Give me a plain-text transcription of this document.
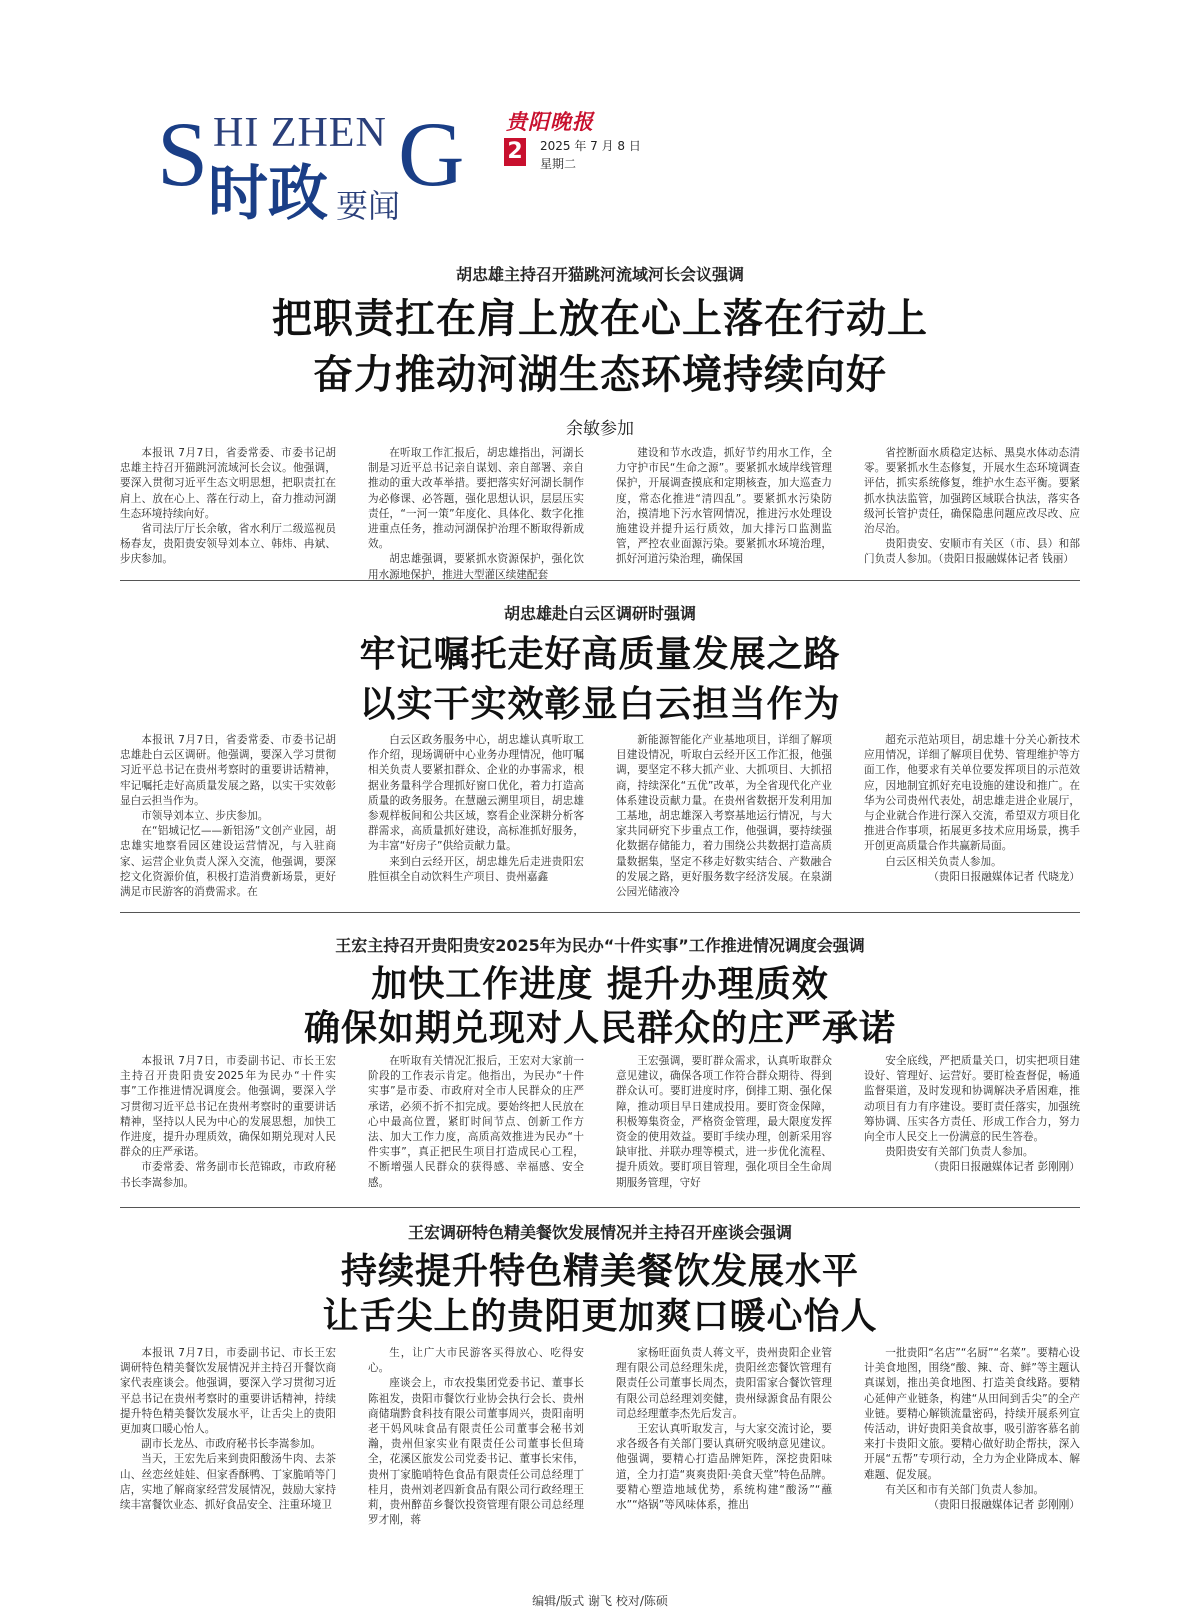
S HI ZHEN G
时政 要闻
贵阳晚报
2 2025 年 7 月 8 日
星期二
胡忠雄主持召开猫跳河流域河长会议强调
把职责扛在肩上放在心上落在行动上
奋力推动河湖生态环境持续向好
余敏参加

本报讯 7月7日，省委常委、市委书记胡忠雄主持召开猫跳河流域河长会议。他强调，要深入贯彻习近平生态文明思想，把职责扛在肩上、放在心上、落在行动上，奋力推动河湖生态环境持续向好。

省司法厅厅长余敏，省水利厅二级巡视员杨春友，贵阳贵安领导刘本立、韩炜、冉斌、步庆参加。

在听取工作汇报后，胡忠雄指出，河湖长制是习近平总书记亲自谋划、亲自部署、亲自推动的重大改革举措。要把落实好河湖长制作为必修课、必答题，强化思想认识，层层压实责任，“一河一策”年度化、具体化、数字化推进重点任务，推动河湖保护治理不断取得新成效。

胡忠雄强调，要紧抓水资源保护，强化饮用水源地保护，推进大型灌区续建配套

建设和节水改造，抓好节约用水工作，全力守护市民“生命之源”。要紧抓水域岸线管理保护，开展调查摸底和定期核查，加大巡查力度，常态化推进“清四乱”。要紧抓水污染防治，摸清地下污水管网情况，推进污水处理设施建设并提升运行质效，加大排污口监测监管，严控农业面源污染。要紧抓水环境治理，抓好河道污染治理，确保国

省控断面水质稳定达标、黑臭水体动态清零。要紧抓水生态修复，开展水生态环境调查评估，抓实系统修复，维护水生态平衡。要紧抓水执法监管，加强跨区域联合执法，落实各级河长管护责任，确保隐患问题应改尽改、应治尽治。

贵阳贵安、安顺市有关区（市、县）和部门负责人参加。（贵阳日报融媒体记者 钱丽）

胡忠雄赴白云区调研时强调
牢记嘱托走好高质量发展之路
以实干实效彰显白云担当作为

本报讯 7月7日，省委常委、市委书记胡忠雄赴白云区调研。他强调，要深入学习贯彻习近平总书记在贵州考察时的重要讲话精神，牢记嘱托走好高质量发展之路，以实干实效彰显白云担当作为。

市领导刘本立、步庆参加。

在“铝城记忆——新铝汤”文创产业园，胡忠雄实地察看园区建设运营情况，与入驻商家、运营企业负责人深入交流，他强调，要深挖文化资源价值，积极打造消费新场景，更好满足市民游客的消费需求。在

白云区政务服务中心，胡忠雄认真听取工作介绍，现场调研中心业务办理情况，他叮嘱相关负责人要紧扣群众、企业的办事需求，根据业务量科学合理抓好窗口优化，着力打造高质量的政务服务。在慧融云溯里项目，胡忠雄参观样板间和公共区域，察看企业深耕分析客群需求，高质量抓好建设，高标准抓好服务，为丰富“好房子”供给贡献力量。

来到白云经开区，胡忠雄先后走进贵阳宏胜恒祺全自动饮料生产项目、贵州嘉鑫

新能源智能化产业基地项目，详细了解项目建设情况，听取白云经开区工作汇报，他强调，要坚定不移大抓产业、大抓项目、大抓招商，持续深化“五优”改革，为全省现代化产业体系建设贡献力量。在贵州省数据开发利用加工基地，胡忠雄深入考察基地运行情况，与大家共同研究下步重点工作，他强调，要持续强化数据存储能力，着力围绕公共数据打造高质量数据集，坚定不移走好数实结合、产数融合的发展之路，更好服务数字经济发展。在泉湖公园光储液冷

超充示范站项目，胡忠雄十分关心新技术应用情况，详细了解项目优势、管理维护等方面工作，他要求有关单位要发挥项目的示范效应，因地制宜抓好充电设施的建设和推广。在华为公司贵州代表处，胡忠雄走进企业展厅，与企业就合作进行深入交流，希望双方项目化推进合作事项，拓展更多技术应用场景，携手开创更高质量合作共赢新局面。

白云区相关负责人参加。

（贵阳日报融媒体记者 代晓龙）

王宏主持召开贵阳贵安2025年为民办“十件实事”工作推进情况调度会强调
加快工作进度 提升办理质效
确保如期兑现对人民群众的庄严承诺

本报讯 7月7日，市委副书记、市长王宏主持召开贵阳贵安2025年为民办“十件实事”工作推进情况调度会。他强调，要深入学习贯彻习近平总书记在贵州考察时的重要讲话精神，坚持以人民为中心的发展思想，加快工作进度，提升办理质效，确保如期兑现对人民群众的庄严承诺。

市委常委、常务副市长范锦政，市政府秘书长李嵩参加。

在听取有关情况汇报后，王宏对大家前一阶段的工作表示肯定。他指出，为民办“十件实事”是市委、市政府对全市人民群众的庄严承诺，必须不折不扣完成。要始终把人民放在心中最高位置，紧盯时间节点、创新工作方法、加大工作力度，高质高效推进为民办“十件实事”，真正把民生项目打造成民心工程，不断增强人民群众的获得感、幸福感、安全感。

王宏强调，要盯群众需求，认真听取群众意见建议，确保各项工作符合群众期待、得到群众认可。要盯进度时序，倒排工期、强化保障，推动项目早日建成投用。要盯资金保障，积极筹集资金，严格资金管理，最大限度发挥资金的使用效益。要盯手续办理，创新采用容缺审批、并联办理等模式，进一步优化流程、提升质效。要盯项目管理，强化项目全生命周期服务管理，守好

安全底线，严把质量关口，切实把项目建设好、管理好、运营好。要盯检查督促，畅通监督渠道，及时发现和协调解决矛盾困难，推动项目有力有序建设。要盯责任落实，加强统筹协调、压实各方责任、形成工作合力，努力向全市人民交上一份满意的民生答卷。

贵阳贵安有关部门负责人参加。

（贵阳日报融媒体记者 彭刚刚）

王宏调研特色精美餐饮发展情况并主持召开座谈会强调
持续提升特色精美餐饮发展水平
让舌尖上的贵阳更加爽口暖心怡人

本报讯 7月7日，市委副书记、市长王宏调研特色精美餐饮发展情况并主持召开餐饮商家代表座谈会。他强调，要深入学习贯彻习近平总书记在贵州考察时的重要讲话精神，持续提升特色精美餐饮发展水平，让舌尖上的贵阳更加爽口暖心怡人。

副市长龙丛、市政府秘书长李嵩参加。

当天，王宏先后来到贵阳酸汤牛肉、去茶山、丝恋丝娃娃、但家香酥鸭、丁家脆哨等门店，实地了解商家经营发展情况，鼓励大家持续丰富餐饮业态、抓好食品安全、注重环境卫

生，让广大市民游客买得放心、吃得安心。

座谈会上，市农投集团党委书记、董事长陈祖发，贵阳市餐饮行业协会执行会长、贵州商储瑞黔食科技有限公司董事周兴，贵阳南明老干妈风味食品有限责任公司董事会秘书刘瀚，贵州但家实业有限责任公司董事长但琦全，花溪区旅发公司党委书记、董事长宋伟，贵州丁家脆哨特色食品有限责任公司总经理丁桂月，贵州刘老四新食品有限公司行政经理王莉，贵州醉苗乡餐饮投资管理有限公司总经理罗才刚，蒋

家杨旺面负责人蒋文平，贵州贵阳企业管理有限公司总经理朱虎，贵阳丝恋餐饮管理有限责任公司董事长周杰，贵阳雷家合餐饮管理有限公司总经理刘奕健，贵州绿源食品有限公司总经理董李杰先后发言。

王宏认真听取发言，与大家交流讨论，要求各级各有关部门要认真研究吸纳意见建议。他强调，要精心打造品牌矩阵，深挖贵阳味道，全力打造“爽爽贵阳·美食天堂”特色品牌。要精心塑造地域优势，系统构建“酸汤”“蘸水”“烙锅”等风味体系，推出

一批贵阳“名店”“名厨”“名菜”。要精心设计美食地图，围绕“酸、辣、奇、鲜”等主题认真谋划，推出美食地图、打造美食线路。要精心延伸产业链条，构建“从田间到舌尖”的全产业链。要精心解锁流量密码，持续开展系列宣传活动，讲好贵阳美食故事，吸引游客慕名前来打卡贵阳文旅。要精心做好助企帮扶，深入开展“五帮”专项行动，全力为企业降成本、解难题、促发展。

有关区和市有关部门负责人参加。

（贵阳日报融媒体记者 彭刚刚）

编辑/版式 谢飞 校对/陈硕
